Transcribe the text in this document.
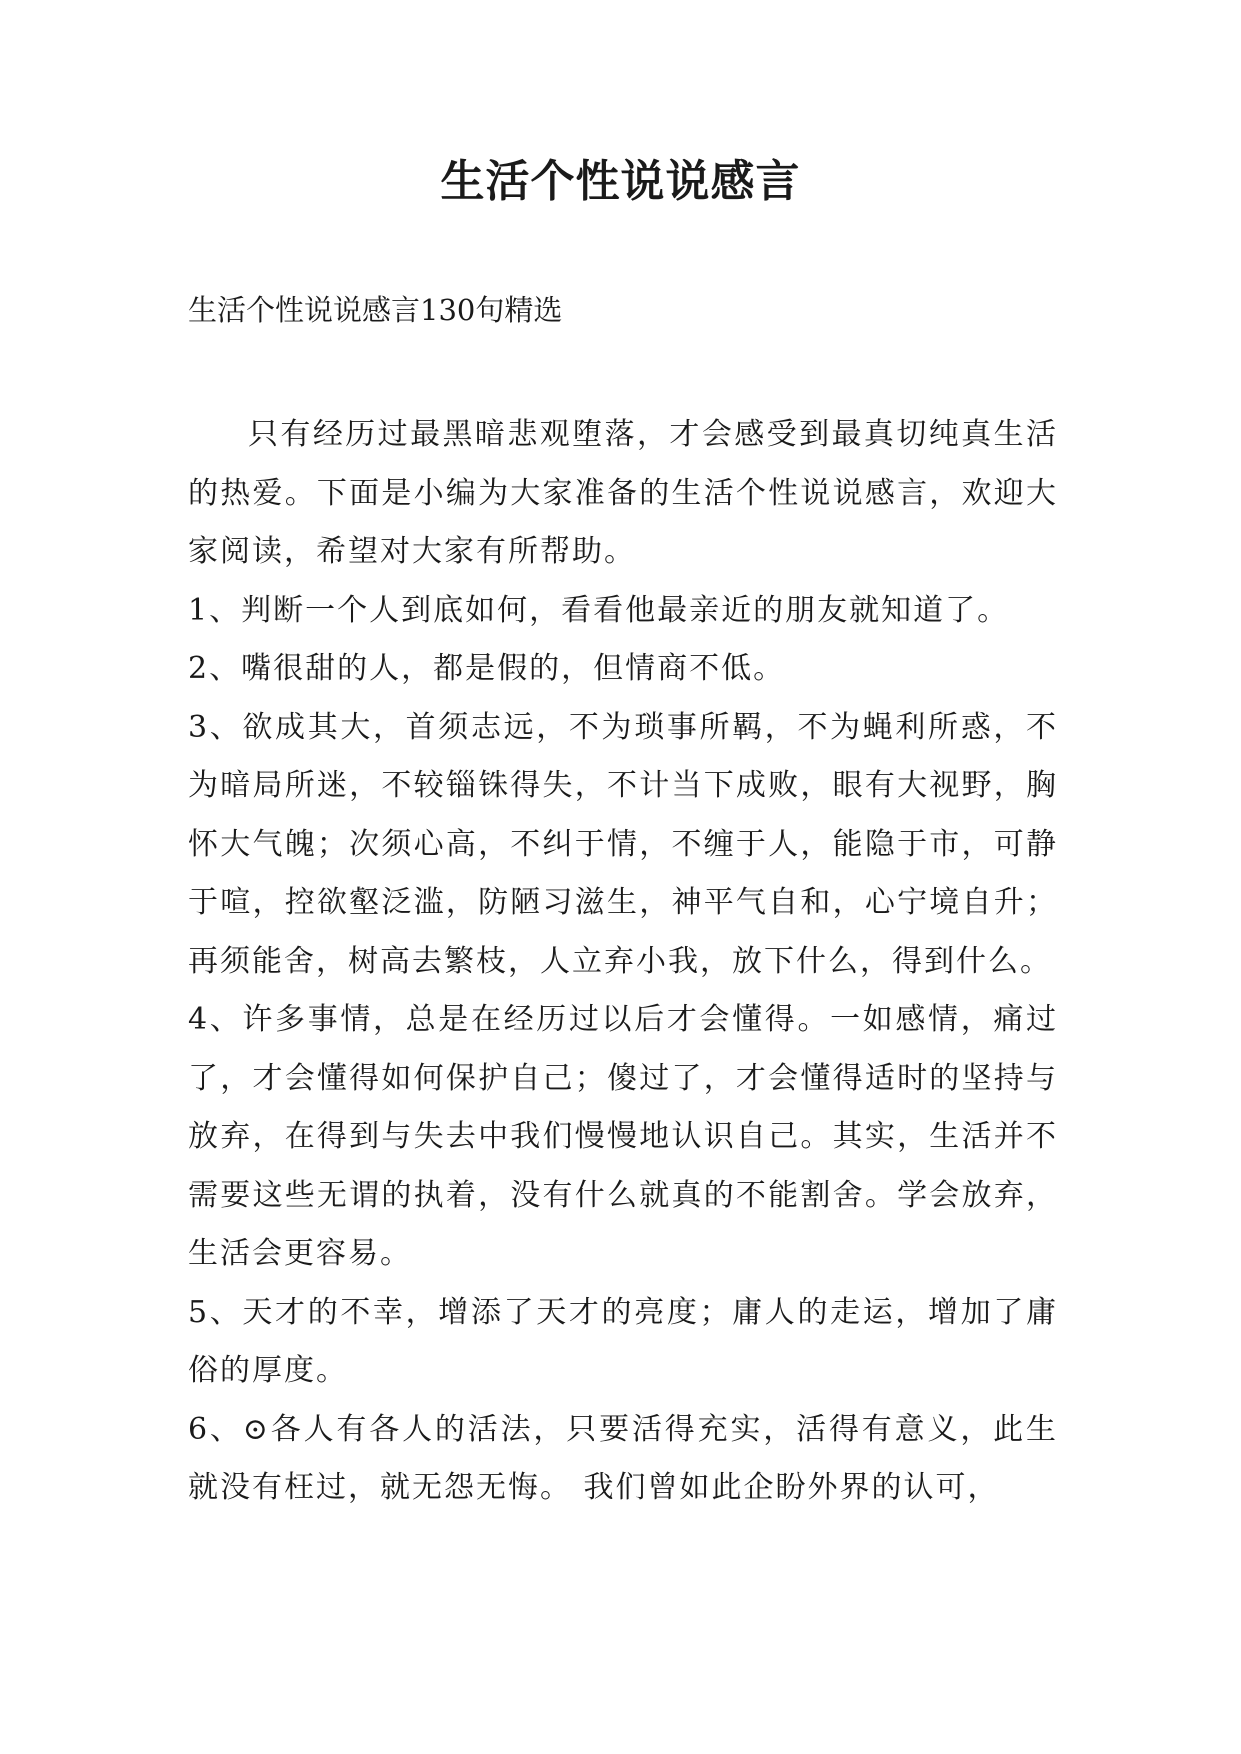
生活个性说说感言
生活个性说说感言130句精选

只有经历过最黑暗悲观堕落，才会感受到最真切纯真生活的热爱。下面是小编为大家准备的生活个性说说感言，欢迎大家阅读，希望对大家有所帮助。

1、判断一个人到底如何，看看他最亲近的朋友就知道了。

2、嘴很甜的人，都是假的，但情商不低。

3、欲成其大，首须志远，不为琐事所羁，不为蝇利所惑，不为暗局所迷，不较锱铢得失，不计当下成败，眼有大视野，胸怀大气魄；次须心高，不纠于情，不缠于人，能隐于市，可静于喧，控欲壑泛滥，防陋习滋生，神平气自和，心宁境自升；再须能舍，树高去繁枝，人立弃小我，放下什么，得到什么。

4、许多事情，总是在经历过以后才会懂得。一如感情，痛过了，才会懂得如何保护自己；傻过了，才会懂得适时的坚持与放弃，在得到与失去中我们慢慢地认识自己。其实，生活并不需要这些无谓的执着，没有什么就真的不能割舍。学会放弃，生活会更容易。

5、天才的不幸，增添了天才的亮度；庸人的走运，增加了庸俗的厚度。

6、⊙各人有各人的活法，只要活得充实，活得有意义，此生就没有枉过，就无怨无悔。 我们曾如此企盼外界的认可，
